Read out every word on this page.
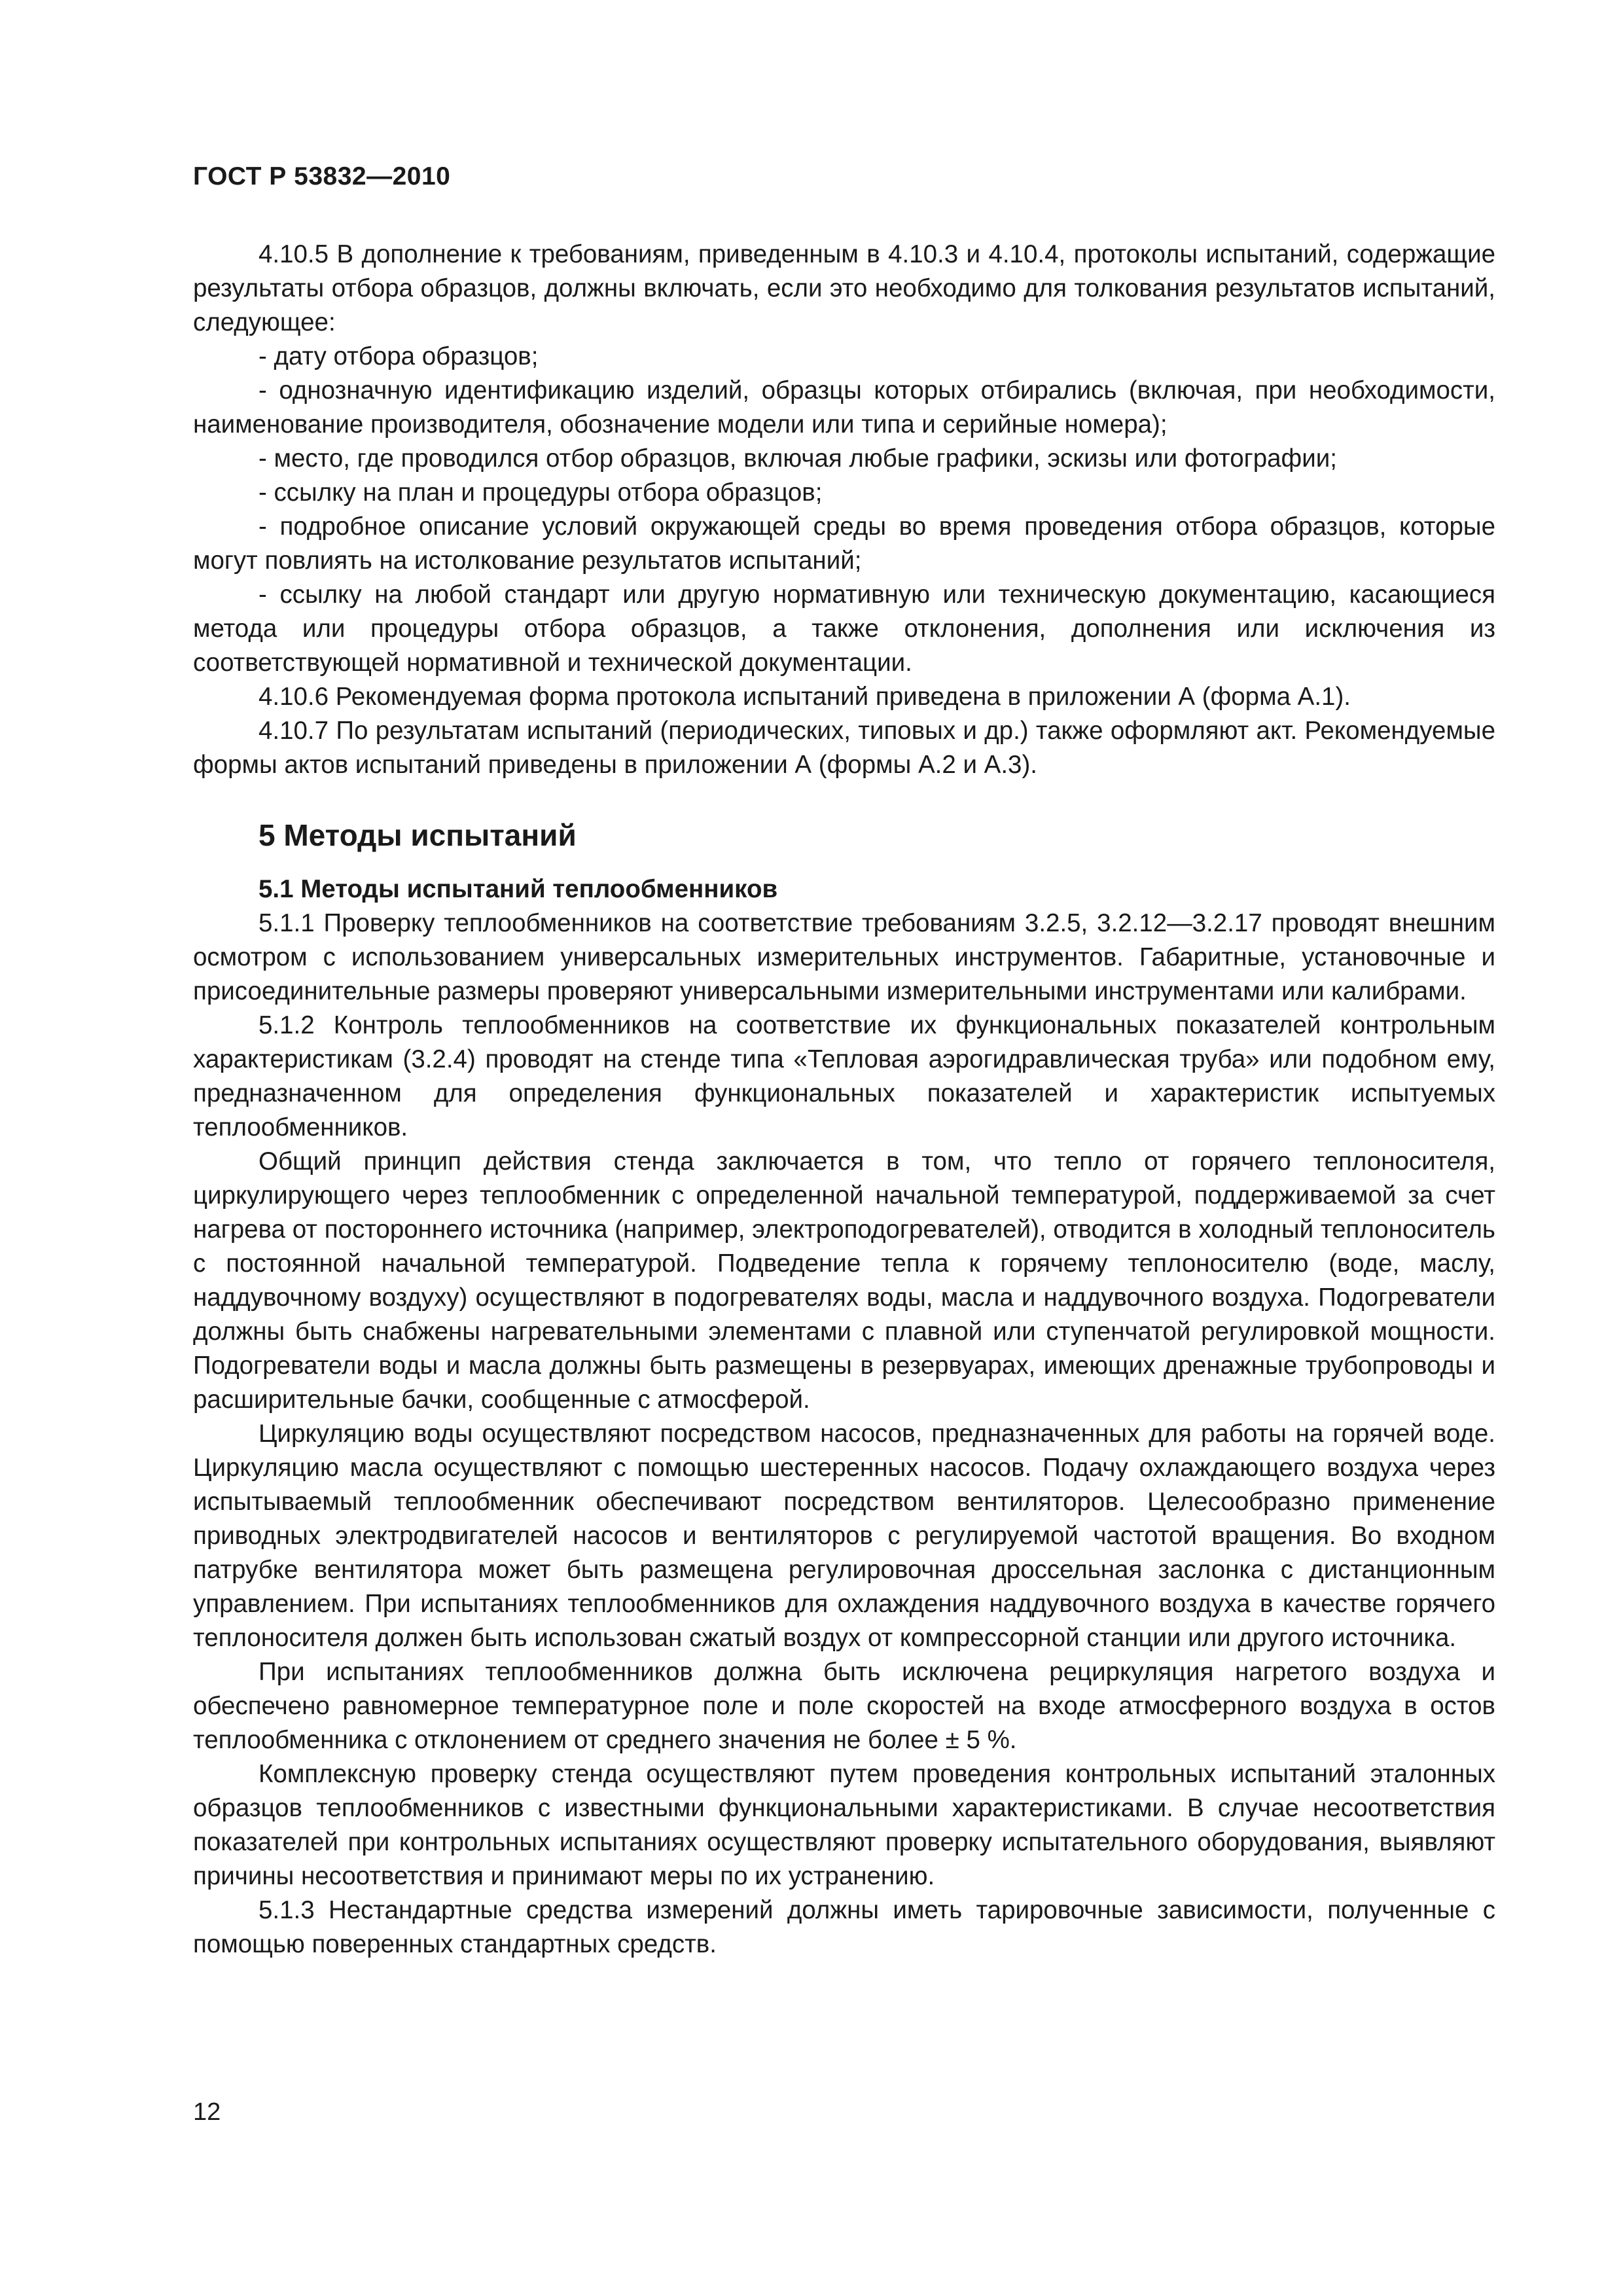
ГОСТ Р 53832—2010

4.10.5 В дополнение к требованиям, приведенным в 4.10.3 и 4.10.4, протоколы испытаний, содержащие результаты отбора образцов, должны включать, если это необходимо для толкования результатов испытаний, следующее:

- дату отбора образцов;

- однозначную идентификацию изделий, образцы которых отбирались (включая, при необходимости, наименование производителя, обозначение модели или типа и серийные номера);

- место, где проводился отбор образцов, включая любые графики, эскизы или фотографии;

- ссылку на план и процедуры отбора образцов;

- подробное описание условий окружающей среды во время проведения отбора образцов, которые могут повлиять на истолкование результатов испытаний;

- ссылку на любой стандарт или другую нормативную или техническую документацию, касающиеся метода или процедуры отбора образцов, а также отклонения, дополнения или исключения из соответствующей нормативной и технической документации.

4.10.6 Рекомендуемая форма протокола испытаний приведена в приложении А (форма А.1).

4.10.7 По результатам испытаний (периодических, типовых и др.) также оформляют акт. Рекомендуемые формы актов испытаний приведены в приложении А (формы А.2 и А.3).

5 Методы испытаний
5.1 Методы испытаний теплообменников

5.1.1 Проверку теплообменников на соответствие требованиям 3.2.5, 3.2.12—3.2.17 проводят внешним осмотром с использованием универсальных измерительных инструментов. Габаритные, установочные и присоединительные размеры проверяют универсальными измерительными инструментами или калибрами.

5.1.2 Контроль теплообменников на соответствие их функциональных показателей контрольным характеристикам (3.2.4) проводят на стенде типа «Тепловая аэрогидравлическая труба» или подобном ему, предназначенном для определения функциональных показателей и характеристик испытуемых теплообменников.

Общий принцип действия стенда заключается в том, что тепло от горячего теплоносителя, циркулирующего через теплообменник с определенной начальной температурой, поддерживаемой за счет нагрева от постороннего источника (например, электроподогревателей), отводится в холодный теплоноситель с постоянной начальной температурой. Подведение тепла к горячему теплоносителю (воде, маслу, наддувочному воздуху) осуществляют в подогревателях воды, масла и наддувочного воздуха. Подогреватели должны быть снабжены нагревательными элементами с плавной или ступенчатой регулировкой мощности. Подогреватели воды и масла должны быть размещены в резервуарах, имеющих дренажные трубопроводы и расширительные бачки, сообщенные с атмосферой.

Циркуляцию воды осуществляют посредством насосов, предназначенных для работы на горячей воде. Циркуляцию масла осуществляют с помощью шестеренных насосов. Подачу охлаждающего воздуха через испытываемый теплообменник обеспечивают посредством вентиляторов. Целесообразно применение приводных электродвигателей насосов и вентиляторов с регулируемой частотой вращения. Во входном патрубке вентилятора может быть размещена регулировочная дроссельная заслонка с дистанционным управлением. При испытаниях теплообменников для охлаждения наддувочного воздуха в качестве горячего теплоносителя должен быть использован сжатый воздух от компрессорной станции или другого источника.

При испытаниях теплообменников должна быть исключена рециркуляция нагретого воздуха и обеспечено равномерное температурное поле и поле скоростей на входе атмосферного воздуха в остов теплообменника с отклонением от среднего значения не более ± 5 %.

Комплексную проверку стенда осуществляют путем проведения контрольных испытаний эталонных образцов теплообменников с известными функциональными характеристиками. В случае несоответствия показателей при контрольных испытаниях осуществляют проверку испытательного оборудования, выявляют причины несоответствия и принимают меры по их устранению.

5.1.3 Нестандартные средства измерений должны иметь тарировочные зависимости, полученные с помощью поверенных стандартных средств.

12
